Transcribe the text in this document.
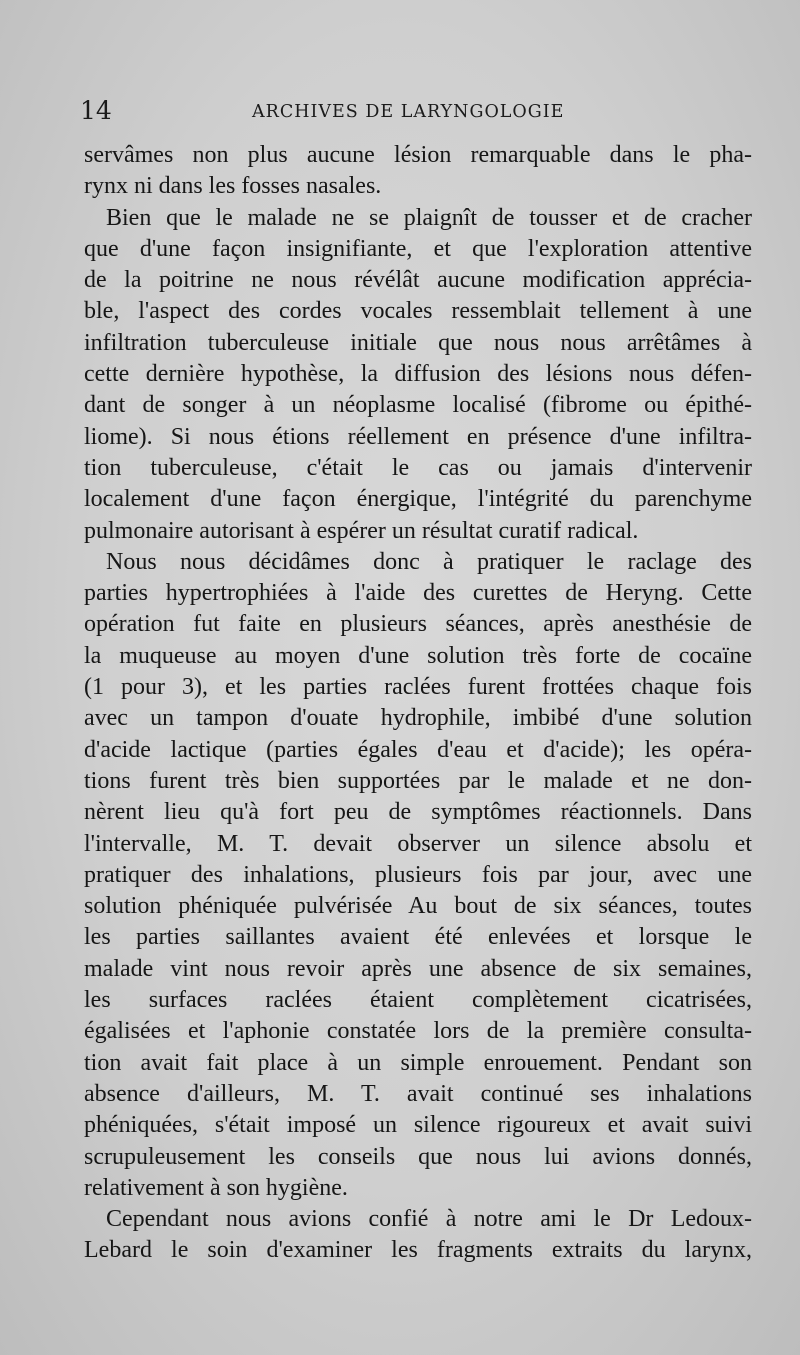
14	ARCHIVES DE LARYNGOLOGIE
servâmes non plus aucune lésion remarquable dans le pha-
rynx ni dans les fosses nasales.
Bien que le malade ne se plaignît de tousser et de cracher
que d'une façon insignifiante, et que l'exploration attentive
de la poitrine ne nous révélât aucune modification apprécia-
ble, l'aspect des cordes vocales ressemblait tellement à une
infiltration tuberculeuse initiale que nous nous arrêtâmes à
cette dernière hypothèse, la diffusion des lésions nous défen-
dant de songer à un néoplasme localisé (fibrome ou épithé-
liome). Si nous étions réellement en présence d'une infiltra-
tion tuberculeuse, c'était le cas ou jamais d'intervenir
localement d'une façon énergique, l'intégrité du parenchyme
pulmonaire autorisant à espérer un résultat curatif radical.
Nous nous décidâmes donc à pratiquer le raclage des
parties hypertrophiées à l'aide des curettes de Heryng. Cette
opération fut faite en plusieurs séances, après anesthésie de
la muqueuse au moyen d'une solution très forte de cocaïne
(1 pour 3), et les parties raclées furent frottées chaque fois
avec un tampon d'ouate hydrophile, imbibé d'une solution
d'acide lactique (parties égales d'eau et d'acide); les opéra-
tions furent très bien supportées par le malade et ne don-
nèrent lieu qu'à fort peu de symptômes réactionnels. Dans
l'intervalle, M. T. devait observer un silence absolu et
pratiquer des inhalations, plusieurs fois par jour, avec une
solution phéniquée pulvérisée Au bout de six séances, toutes
les parties saillantes avaient été enlevées et lorsque le
malade vint nous revoir après une absence de six semaines,
les surfaces raclées étaient complètement cicatrisées,
égalisées et l'aphonie constatée lors de la première consulta-
tion avait fait place à un simple enrouement. Pendant son
absence d'ailleurs, M. T. avait continué ses inhalations
phéniquées, s'était imposé un silence rigoureux et avait suivi
scrupuleusement les conseils que nous lui avions donnés,
relativement à son hygiène.
Cependant nous avions confié à notre ami le Dr Ledoux-
Lebard le soin d'examiner les fragments extraits du larynx,
